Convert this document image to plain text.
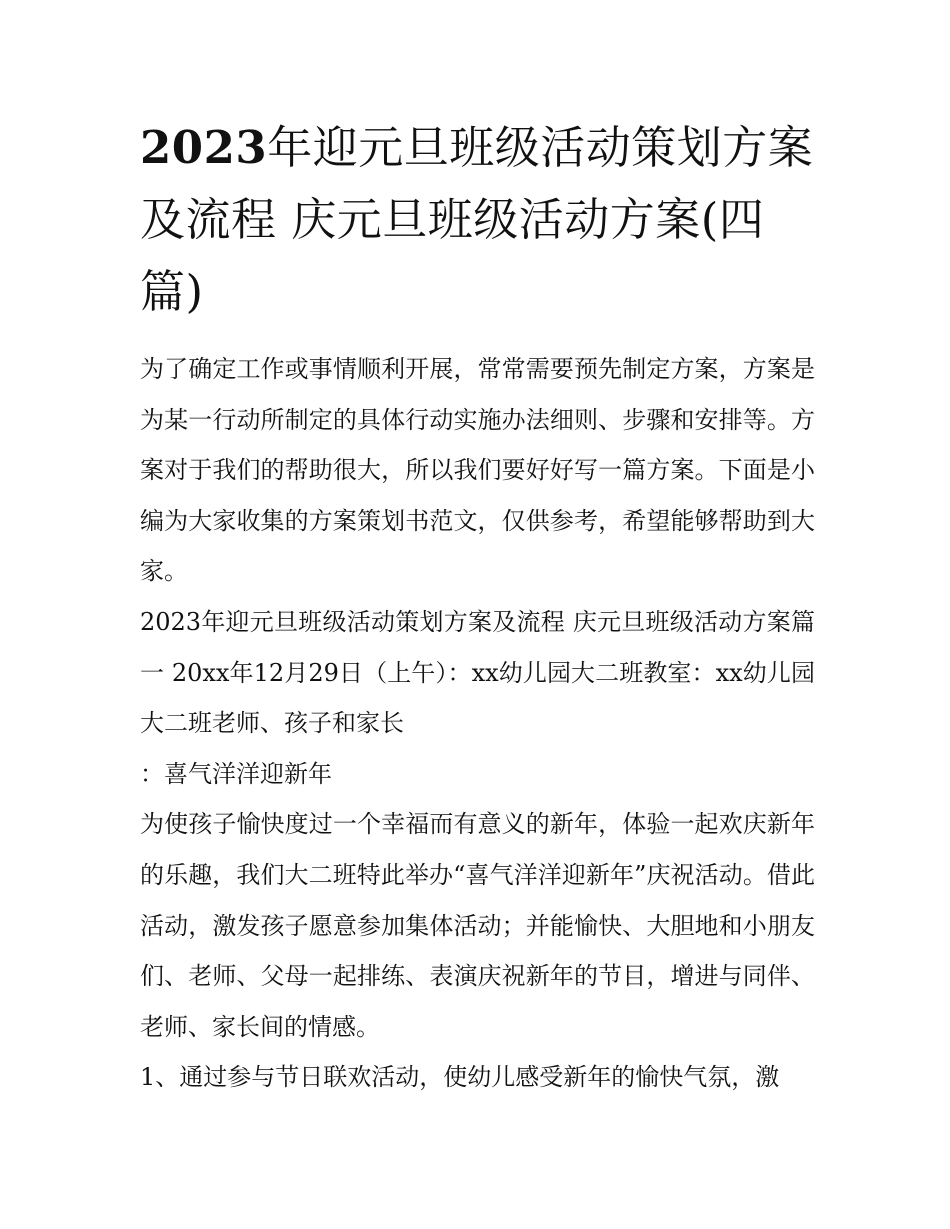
2023年迎元旦班级活动策划方案及流程 庆元旦班级活动方案(四篇)

为了确定工作或事情顺利开展，常常需要预先制定方案，方案是为某一行动所制定的具体行动实施办法细则、步骤和安排等。方案对于我们的帮助很大，所以我们要好好写一篇方案。下面是小编为大家收集的方案策划书范文，仅供参考，希望能够帮助到大家。

2023年迎元旦班级活动策划方案及流程 庆元旦班级活动方案篇一 20xx年12月29日（上午）：xx幼儿园大二班教室：xx幼儿园大二班老师、孩子和家长

：喜气洋洋迎新年

为使孩子愉快度过一个幸福而有意义的新年，体验一起欢庆新年的乐趣，我们大二班特此举办“喜气洋洋迎新年”庆祝活动。借此活动，激发孩子愿意参加集体活动；并能愉快、大胆地和小朋友们、老师、父母一起排练、表演庆祝新年的节目，增进与同伴、老师、家长间的情感。

1、通过参与节日联欢活动，使幼儿感受新年的愉快气氛，激
